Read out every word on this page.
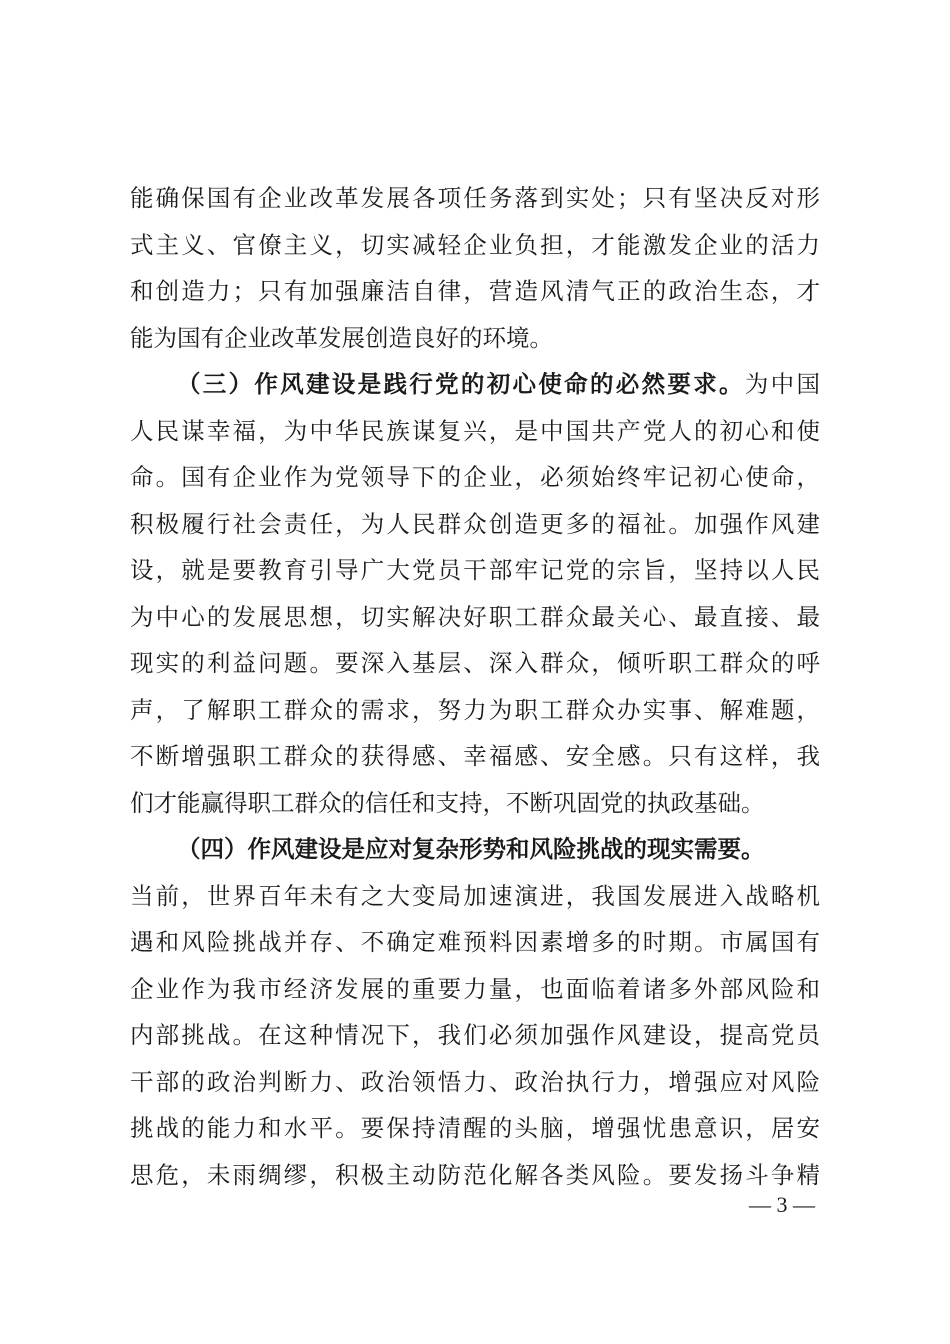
能确保国有企业改革发展各项任务落到实处；只有坚决反对形
式主义、官僚主义，切实减轻企业负担，才能激发企业的活力
和创造力；只有加强廉洁自律，营造风清气正的政治生态，才
能为国有企业改革发展创造良好的环境。
（三）作风建设是践行党的初心使命的必然要求。为中国
人民谋幸福，为中华民族谋复兴，是中国共产党人的初心和使
命。国有企业作为党领导下的企业，必须始终牢记初心使命，
积极履行社会责任，为人民群众创造更多的福祉。加强作风建
设，就是要教育引导广大党员干部牢记党的宗旨，坚持以人民
为中心的发展思想，切实解决好职工群众最关心、最直接、最
现实的利益问题。要深入基层、深入群众，倾听职工群众的呼
声，了解职工群众的需求，努力为职工群众办实事、解难题，
不断增强职工群众的获得感、幸福感、安全感。只有这样，我
们才能赢得职工群众的信任和支持，不断巩固党的执政基础。
（四）作风建设是应对复杂形势和风险挑战的现实需要。
当前，世界百年未有之大变局加速演进，我国发展进入战略机
遇和风险挑战并存、不确定难预料因素增多的时期。市属国有
企业作为我市经济发展的重要力量，也面临着诸多外部风险和
内部挑战。在这种情况下，我们必须加强作风建设，提高党员
干部的政治判断力、政治领悟力、政治执行力，增强应对风险
挑战的能力和水平。要保持清醒的头脑，增强忧患意识，居安
思危，未雨绸缪，积极主动防范化解各类风险。要发扬斗争精
— 3 —
